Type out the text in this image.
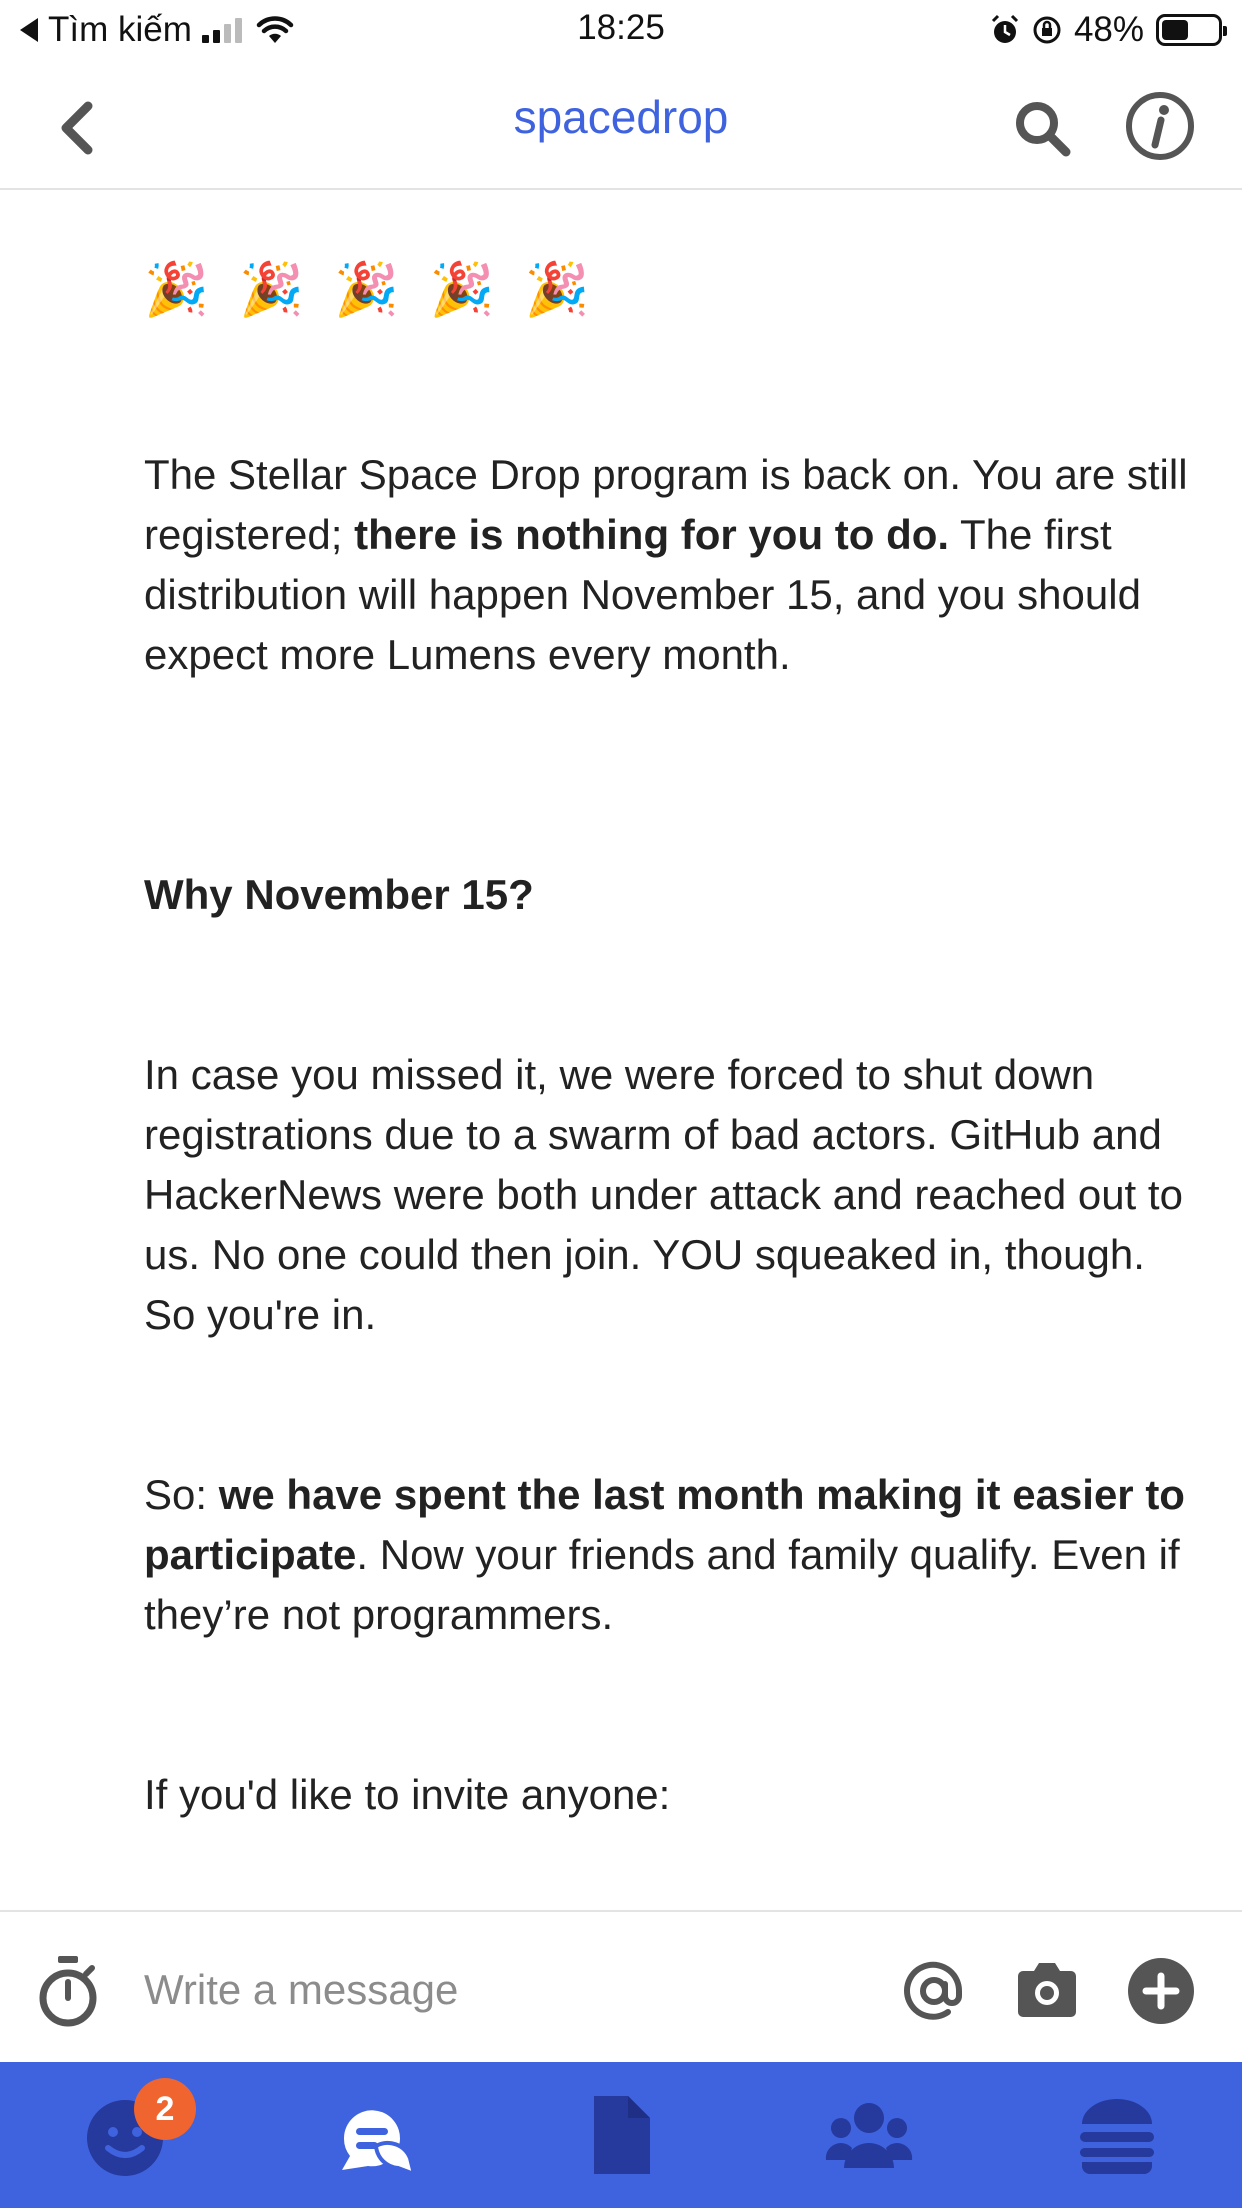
Tìm kiếm	18:25	48%
spacedrop
🎉 🎉 🎉 🎉 🎉

The Stellar Space Drop program is back on. You are still registered; there is nothing for you to do. The first distribution will happen November 15, and you should expect more Lumens every month.

Why November 15?

In case you missed it, we were forced to shut down registrations due to a swarm of bad actors. GitHub and HackerNews were both under attack and reached out to us. No one could then join. YOU squeaked in, though. So you're in.

So: we have spent the last month making it easier to participate. Now your friends and family qualify. Even if they’re not programmers.

If you'd like to invite anyone:

Write a message
2
